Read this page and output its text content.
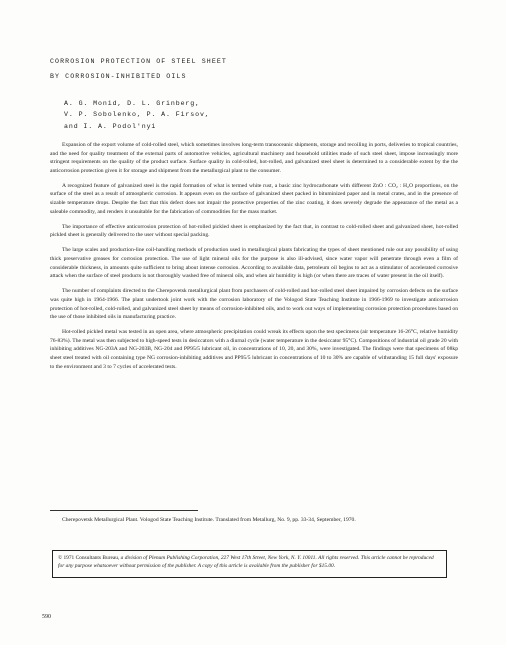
CORROSION PROTECTION OF STEEL SHEET
BY CORROSION-INHIBITED OILS
A. G. Monid, D. L. Grinberg,
V. P. Sobolenko, P. A. Firsov,
and I. A. Podol'nyi

Expansion of the export volume of cold-rolled steel, which sometimes involves long-term transoceanic shipments, storage and recoiling in ports, deliveries to tropical countries, and the need for quality treatment of the external parts of automotive vehicles, agricultural machinery and household utilities made of such steel sheet, impose increasingly more stringent requirements on the quality of the product surface. Surface quality in cold-rolled, hot-rolled, and galvanized steel sheet is determined to a considerable extent by the the anticorrosion protection given it for storage and shipment from the metallurgical plant to the consumer.

A recognized feature of galvanized steel is the rapid formation of what is termed white rust, a basic zinc hydrocarbonate with different ZnO : CO₂ : H₂O proportions, on the surface of the steel as a result of atmospheric corrosion. It appears even on the surface of galvanized sheet packed in bituminized paper and in metal crates, and in the presence of sizable temperature drops. Despite the fact that this defect does not impair the protective properties of the zinc coating, it does severely degrade the appearance of the metal as a saleable commodity, and renders it unsuitable for the fabrication of commodities for the mass market.

The importance of effective anticorrosion protection of hot-rolled pickled sheet is emphasized by the fact that, in contrast to cold-rolled sheet and galvanized sheet, hot-rolled pickled sheet is generally delivered to the user without special packing.

The large scales and production-line coil-handling methods of production used in metallurgical plants fabricating the types of sheet mentioned rule out any possibility of using thick preservative greases for corrosion protection. The use of light mineral oils for the purpose is also ill-advised, since water vapor will penetrate through even a film of considerable thickness, in amounts quite sufficient to bring about intense corrosion. According to available data, petroleum oil begins to act as a stimulator of accelerated corrosive attack when the surface of steel products is not thoroughly washed free of mineral oils, and when air humidity is high (or when there are traces of water present in the oil itself).

The number of complaints directed to the Cherepovetsk metallurgical plant from purchasers of cold-rolled and hot-rolled steel sheet impaired by corrosion defects on the surface was quite high in 1964-1966. The plant undertook joint work with the corrosion laboratory of the Vologod State Teaching Institute in 1966-1969 to investigate anticorrosion protection of hot-rolled, cold-rolled, and galvanized steel sheet by means of corrosion-inhibited oils, and to work out ways of implementing corrosion protection procedures based on the use of those inhibited oils in manufacturing practice.

Hot-rolled pickled metal was tested in an open area, where atmospheric precipitation could wreak its effects upon the test specimens (air temperature 16-26°C, relative humidity 76-83%). The metal was then subjected to high-speed tests in desiccators with a diurnal cycle (water temperature in the desiccator 95°C). Compositions of industrial oil grade 20 with inhibiting additives NG-203A and NG-203B, NG-204 and PP95/5 lubricant oil, in concentrations of 10, 20, and 30%, were investigated. The findings were that specimens of 08kp sheet steel treated with oil containing type NG corrosion-inhibiting additives and PP95/5 lubricant in concentrations of 10 to 30% are capable of withstanding 15 full days' exposure to the environment and 3 to 7 cycles of accelerated tests.

Cherepovetsk Metallurgical Plant. Vologod State Teaching Institute. Translated from Metallurg, No. 9, pp. 33-34, September, 1970.

© 1971 Consultants Bureau, a division of Plenum Publishing Corporation, 227 West 17th Street, New York, N. Y. 10011. All rights reserved. This article cannot be reproduced for any purpose whatsoever without permission of the publisher. A copy of this article is available from the publisher for $15.00.
590
